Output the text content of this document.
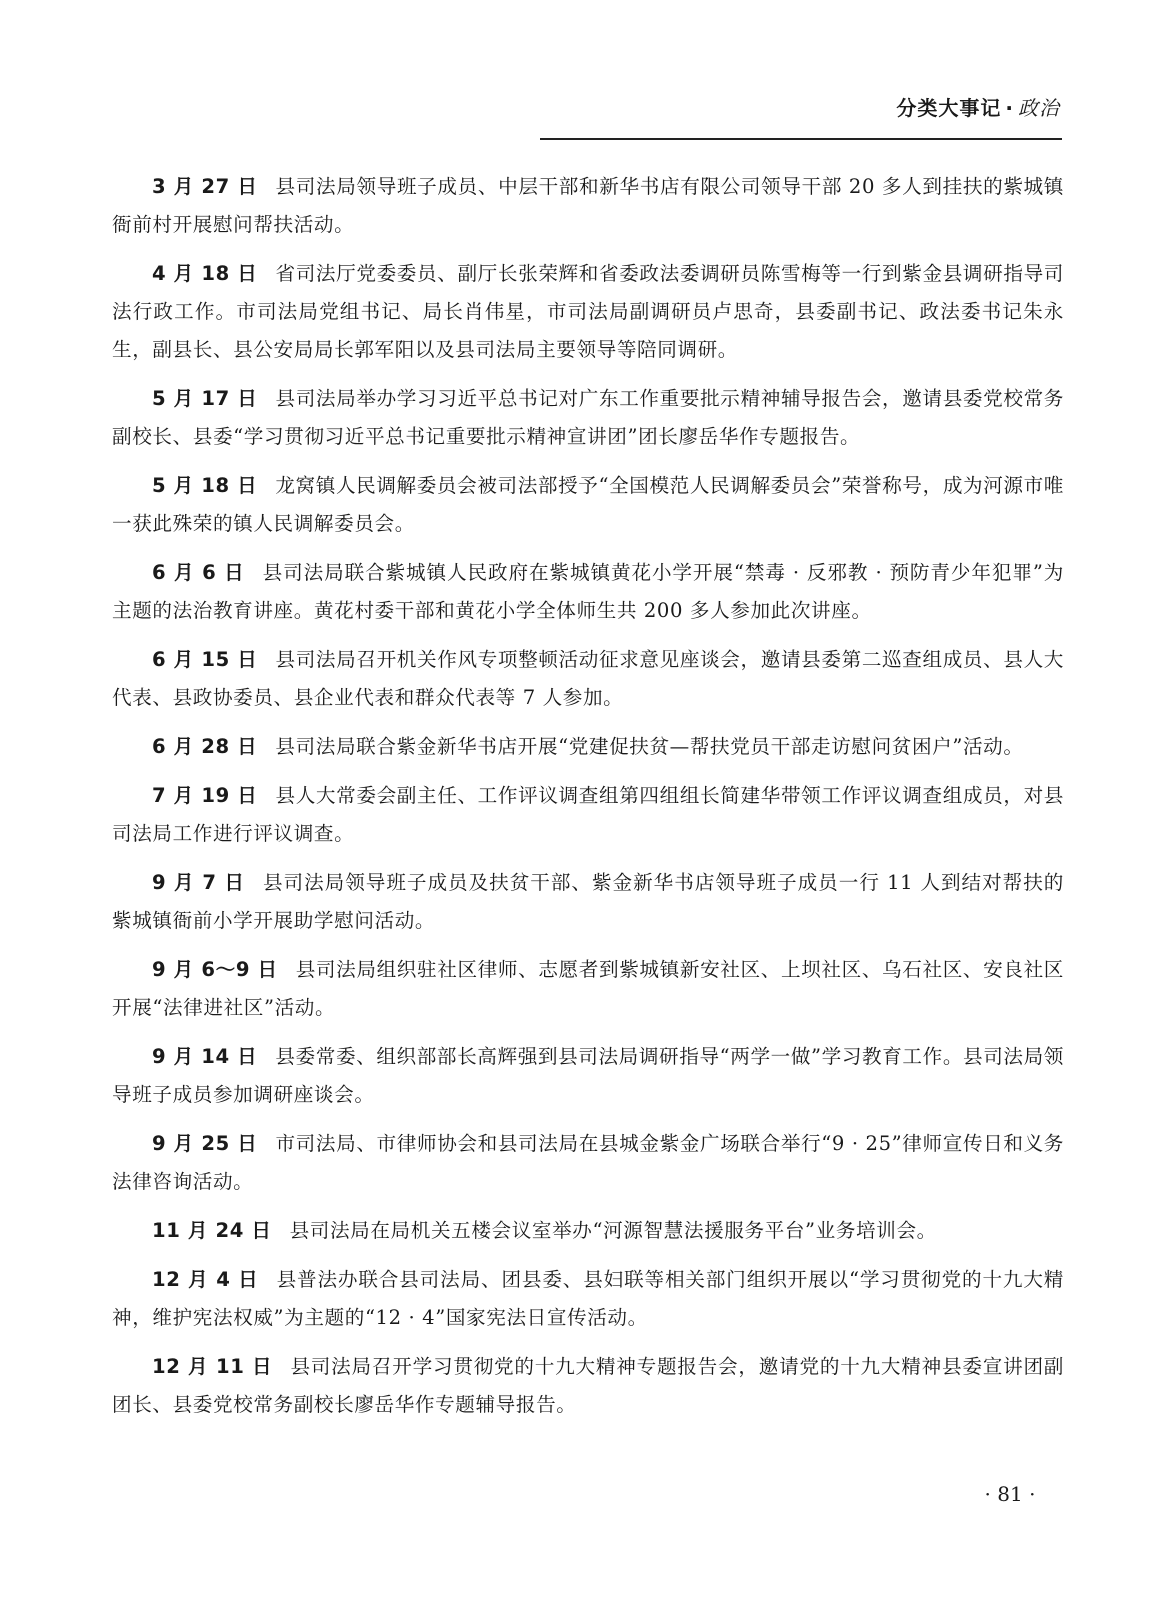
分类大事记 · 政治

3 月 27 日 县司法局领导班子成员、中层干部和新华书店有限公司领导干部 20 多人到挂扶的紫城镇衙前村开展慰问帮扶活动。

4 月 18 日 省司法厅党委委员、副厅长张荣辉和省委政法委调研员陈雪梅等一行到紫金县调研指导司法行政工作。市司法局党组书记、局长肖伟星，市司法局副调研员卢思奇，县委副书记、政法委书记朱永生，副县长、县公安局局长郭军阳以及县司法局主要领导等陪同调研。

5 月 17 日 县司法局举办学习习近平总书记对广东工作重要批示精神辅导报告会，邀请县委党校常务副校长、县委“学习贯彻习近平总书记重要批示精神宣讲团”团长廖岳华作专题报告。

5 月 18 日 龙窝镇人民调解委员会被司法部授予“全国模范人民调解委员会”荣誉称号，成为河源市唯一获此殊荣的镇人民调解委员会。

6 月 6 日 县司法局联合紫城镇人民政府在紫城镇黄花小学开展“禁毒 · 反邪教 · 预防青少年犯罪”为主题的法治教育讲座。黄花村委干部和黄花小学全体师生共 200 多人参加此次讲座。

6 月 15 日 县司法局召开机关作风专项整顿活动征求意见座谈会，邀请县委第二巡查组成员、县人大代表、县政协委员、县企业代表和群众代表等 7 人参加。

6 月 28 日 县司法局联合紫金新华书店开展“党建促扶贫—帮扶党员干部走访慰问贫困户”活动。

7 月 19 日 县人大常委会副主任、工作评议调查组第四组组长简建华带领工作评议调查组成员，对县司法局工作进行评议调查。

9 月 7 日 县司法局领导班子成员及扶贫干部、紫金新华书店领导班子成员一行 11 人到结对帮扶的紫城镇衙前小学开展助学慰问活动。

9 月 6～9 日 县司法局组织驻社区律师、志愿者到紫城镇新安社区、上坝社区、乌石社区、安良社区开展“法律进社区”活动。

9 月 14 日 县委常委、组织部部长高辉强到县司法局调研指导“两学一做”学习教育工作。县司法局领导班子成员参加调研座谈会。

9 月 25 日 市司法局、市律师协会和县司法局在县城金紫金广场联合举行“9 · 25”律师宣传日和义务法律咨询活动。

11 月 24 日 县司法局在局机关五楼会议室举办“河源智慧法援服务平台”业务培训会。

12 月 4 日 县普法办联合县司法局、团县委、县妇联等相关部门组织开展以“学习贯彻党的十九大精神，维护宪法权威”为主题的“12 · 4”国家宪法日宣传活动。

12 月 11 日 县司法局召开学习贯彻党的十九大精神专题报告会，邀请党的十九大精神县委宣讲团副团长、县委党校常务副校长廖岳华作专题辅导报告。

· 81 ·
